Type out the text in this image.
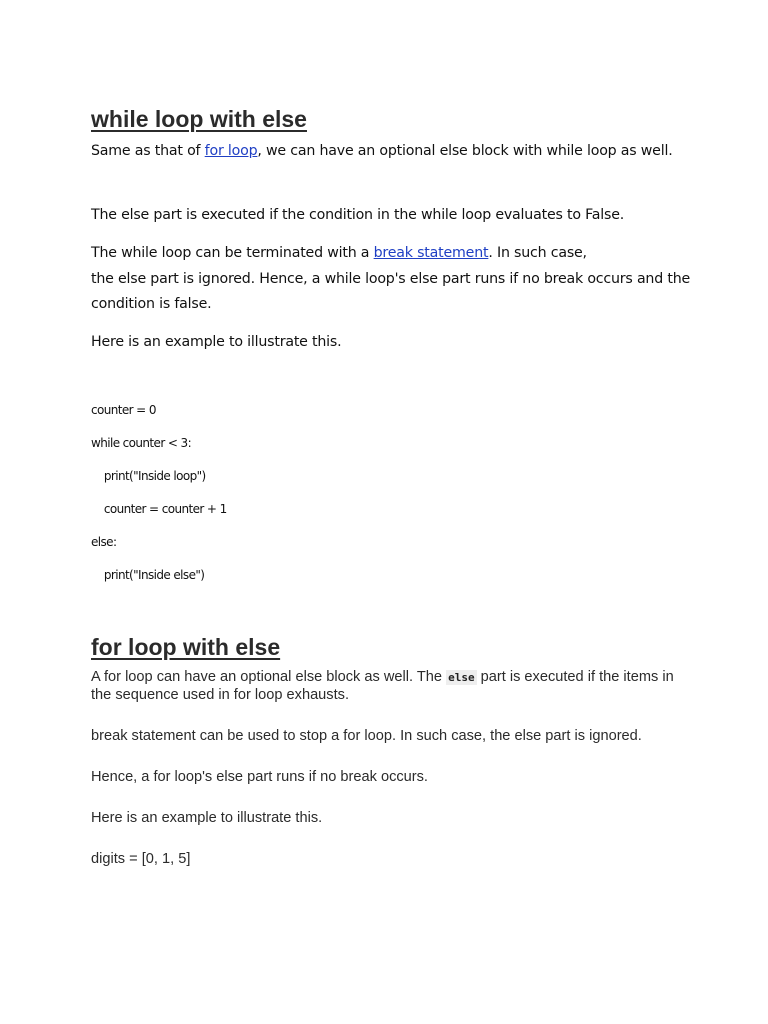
while loop with else

Same as that of for loop, we can have an optional else block with while loop as well.

The else part is executed if the condition in the while loop evaluates to False.

The while loop can be terminated with a break statement. In such case,
the else part is ignored. Hence, a while loop's else part runs if no break occurs and the condition is false.

Here is an example to illustrate this.

counter = 0
while counter < 3:
print("Inside loop")
counter = counter + 1
else:
print("Inside else")
for loop with else

A for loop can have an optional else block as well. The else part is executed if the items in the sequence used in for loop exhausts.

break statement can be used to stop a for loop. In such case, the else part is ignored.

Hence, a for loop's else part runs if no break occurs.

Here is an example to illustrate this.

digits = [0, 1, 5]
